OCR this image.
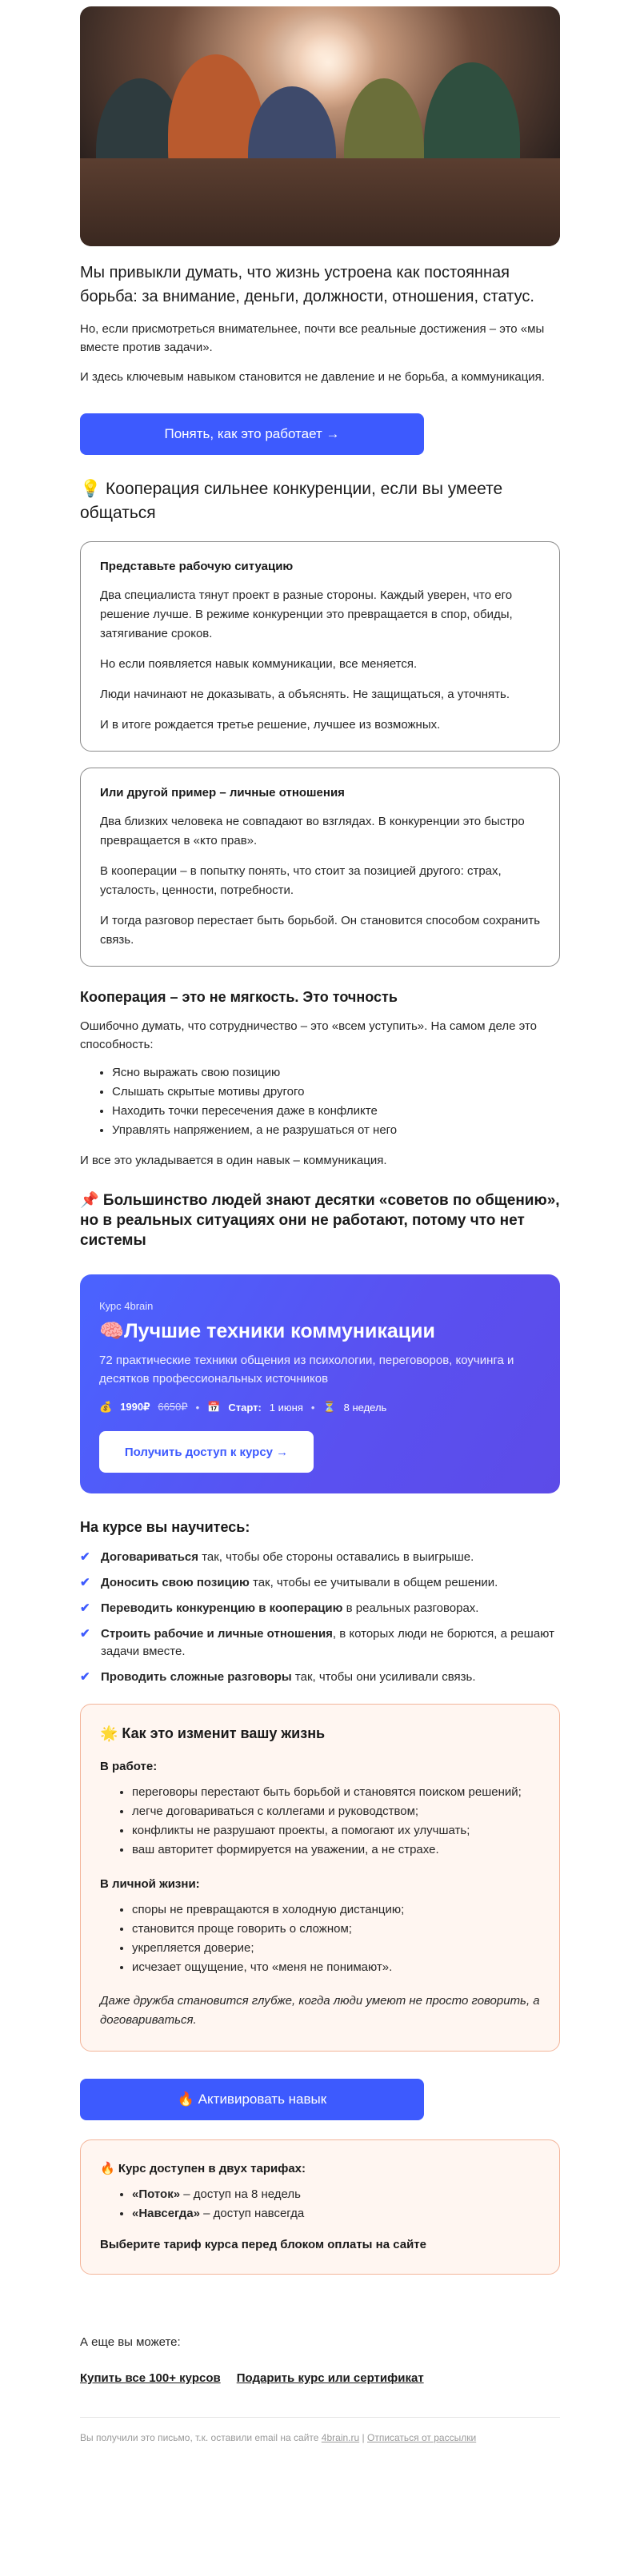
Мы привыкли думать, что жизнь устроена как постоянная борьба: за внимание, деньги, должности, отношения, статус.

Но, если присмотреться внимательнее, почти все реальные достижения – это «мы вместе против задачи».

И здесь ключевым навыком становится не давление и не борьба, а коммуникация.

Понять, как это работает →
💡 Кооперация сильнее конкуренции, если вы умеете общаться
Представьте рабочую ситуацию

Два специалиста тянут проект в разные стороны. Каждый уверен, что его решение лучше. В режиме конкуренции это превращается в спор, обиды, затягивание сроков.

Но если появляется навык коммуникации, все меняется.

Люди начинают не доказывать, а объяснять. Не защищаться, а уточнять.

И в итоге рождается третье решение, лучшее из возможных.

Или другой пример – личные отношения

Два близких человека не совпадают во взглядах. В конкуренции это быстро превращается в «кто прав».

В кооперации – в попытку понять, что стоит за позицией другого: страх, усталость, ценности, потребности.

И тогда разговор перестает быть борьбой. Он становится способом сохранить связь.

Кооперация – это не мягкость. Это точность

Ошибочно думать, что сотрудничество – это «всем уступить». На самом деле это способность:

• Ясно выражать свою позицию
• Слышать скрытые мотивы другого
• Находить точки пересечения даже в конфликте
• Управлять напряжением, а не разрушаться от него

И все это укладывается в один навык – коммуникация.

📌 Большинство людей знают десятки «советов по общению», но в реальных ситуациях они не работают, потому что нет системы
Курс 4brain
🧠Лучшие техники коммуникации
72 практические техники общения из психологии, переговоров, коучинга и десятков профессиональных источников
💰 1990₽ 6650₽ • 📅 Старт: 1 июня • ⏳ 8 недель
Получить доступ к курсу →
На курсе вы научитесь:
✔ Договариваться так, чтобы обе стороны оставались в выигрыше.
✔ Доносить свою позицию так, чтобы ее учитывали в общем решении.
✔ Переводить конкуренцию в кооперацию в реальных разговорах.
✔ Строить рабочие и личные отношения, в которых люди не борются, а решают задачи вместе.
✔ Проводить сложные разговоры так, чтобы они усиливали связь.
🌟 Как это изменит вашу жизнь
В работе:
• переговоры перестают быть борьбой и становятся поиском решений;
• легче договариваться с коллегами и руководством;
• конфликты не разрушают проекты, а помогают их улучшать;
• ваш авторитет формируется на уважении, а не страхе.
В личной жизни:
• споры не превращаются в холодную дистанцию;
• становится проще говорить о сложном;
• укрепляется доверие;
• исчезает ощущение, что «меня не понимают».

Даже дружба становится глубже, когда люди умеют не просто говорить, а договариваться.

🔥 Активировать навык
🔥 Курс доступен в двух тарифах:
• «Поток» – доступ на 8 недель
• «Навсегда» – доступ навсегда
Выберите тариф курса перед блоком оплаты на сайте
А еще вы можете:
Купить все 100+ курсов Подарить курс или сертификат
Вы получили это письмо, т.к. оставили email на сайте 4brain.ru | Отписаться от рассылки
